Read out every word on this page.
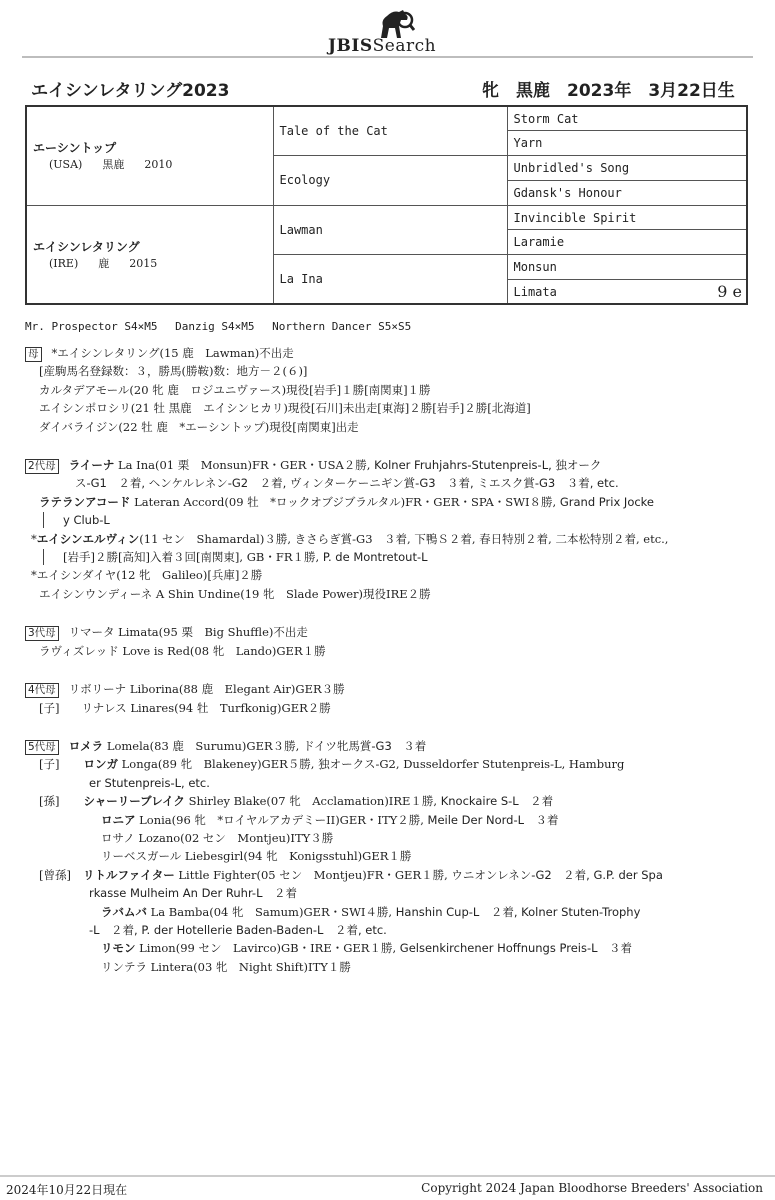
JBISSearch
エイシンレタリング2023	牝　黒鹿　2023年　3月22日生
エーシントップ
(USA) 黒鹿 2010	Tale of the Cat	Storm Cat
		Yarn
	Ecology	Unbridled's Song
		Gdansk's Honour

エイシンレタリング
(IRE) 鹿 2015	Lawman	Invincible Spirit
		Laramie
	La Ina	Monsun
		Limata 9 e
Mr. Prospector S4×M5　 Danzig S4×M5　 Northern Dancer S5×S5
母 *エイシンレタリング(15 鹿　Lawman)不出走
[産駒馬名登録数：３，勝馬(勝鞍)数：地方－２(６)]
カルタデアモール(20 牝 鹿　ロジユニヴァース)現役[岩手]１勝[南関東]１勝
エイシンポロシリ(21 牡 黒鹿　エイシンヒカリ)現役[石川]未出走[東海]２勝[岩手]２勝[北海道]
ダイバライジン(22 牡 鹿　*エーシントップ)現役[南関東]出走
2代母 ライーナ La Ina(01 栗　Monsun)FR・GER・USA２勝, Kolner Fruhjahrs-Stutenpreis-L, 独オーク
ス-G1　２着, ヘンケルレネン-G2　２着, ヴィンターケーニギン賞-G3　３着, ミエスク賞-G3　３着, etc.
ラテランアコード Lateran Accord(09 牡　*ロックオブジブラルタル)FR・GER・SPA・SWI８勝, Grand Prix Jocke
y Club-L
*エイシンエルヴィン(11 セン　Shamardal)３勝, きさらぎ賞-G3　３着, 下鴨Ｓ２着, 春日特別２着, 二本松特別２着, etc.,
[岩手]２勝[高知]入着３回[南関東], GB・FR１勝, P. de Montretout-L
*エイシンダイヤ(12 牝　Galileo)[兵庫]２勝
エイシンウンディーネ A Shin Undine(19 牝　Slade Power)現役IRE２勝
3代母 リマータ Limata(95 栗　Big Shuffle)不出走
ラヴィズレッド Love is Red(08 牝　Lando)GER１勝
4代母 リボリーナ Liborina(88 鹿　Elegant Air)GER３勝
[子] リナレス Linares(94 牡　Turfkonig)GER２勝
5代母 ロメラ Lomela(83 鹿　Surumu)GER３勝, ドイツ牝馬賞-G3　３着
[子] ロンガ Longa(89 牝　Blakeney)GER５勝, 独オークス-G2, Dusseldorfer Stutenpreis-L, Hamburg
er Stutenpreis-L, etc.
[孫] シャーリーブレイク Shirley Blake(07 牝　Acclamation)IRE１勝, Knockaire S-L　２着
ロニア Lonia(96 牝　*ロイヤルアカデミーII)GER・ITY２勝, Meile Der Nord-L　３着
ロサノ Lozano(02 セン　Montjeu)ITY３勝
リーベスガール Liebesgirl(94 牝　Konigsstuhl)GER１勝
[曾孫] リトルファイター Little Fighter(05 セン　Montjeu)FR・GER１勝, ウニオンレネン-G2　２着, G.P. der Spa
rkasse Mulheim An Der Ruhr-L　２着
ラバムバ La Bamba(04 牝　Samum)GER・SWI４勝, Hanshin Cup-L　２着, Kolner Stuten-Trophy
-L　２着, P. der Hotellerie Baden-Baden-L　２着, etc.
リモン Limon(99 セン　Lavirco)GB・IRE・GER１勝, Gelsenkirchener Hoffnungs Preis-L　３着
リンテラ Lintera(03 牝　Night Shift)ITY１勝
2024年10月22日現在	Copyright 2024 Japan Bloodhorse Breeders' Association
